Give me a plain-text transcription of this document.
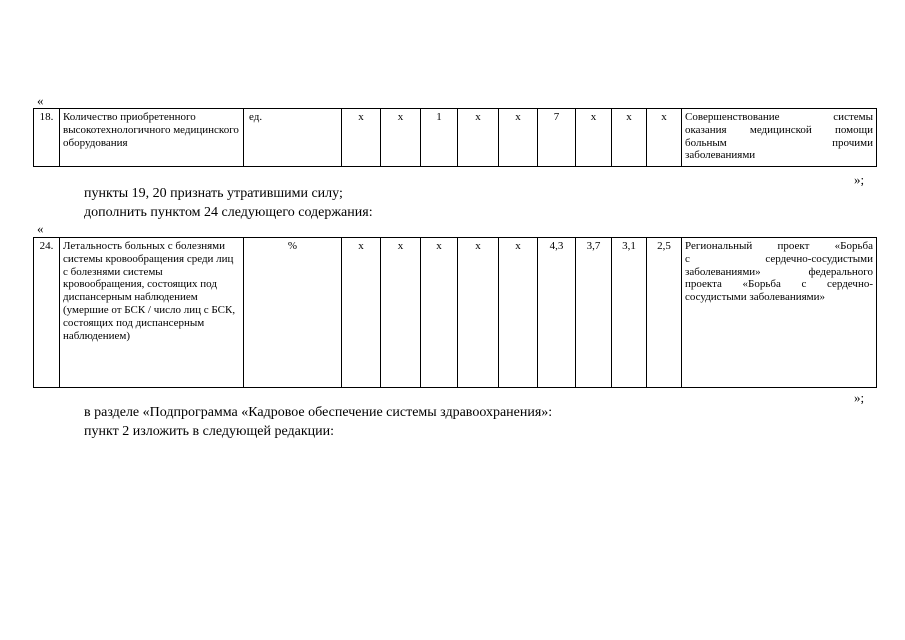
«
18.	Количество приобретенного высокотехнологичного медицинского оборудования	ед.	x	x	1	x	x	7	x	x	x	Совершенствование системы
оказания медицинской помощи
больным прочими
заболеваниями
»;
пункты 19, 20 признать утратившими силу;
дополнить пунктом 24 следующего содержания:
«
24.	Летальность больных с болезнями системы кровообращения среди лиц с болезнями системы кровообращения, состоящих под диспансерным наблюдением (умершие от БСК / число лиц с БСК, состоящих под диспансерным наблюдением)	%	x	x	x	x	x	4,3	3,7	3,1	2,5	Региональный проект «Борьба
с сердечно-сосудистыми
заболеваниями» федерального
проекта «Борьба с сердечно-
сосудистыми заболеваниями»
»;
в разделе «Подпрограмма «Кадровое обеспечение системы здравоохранения»:
пункт 2 изложить в следующей редакции:
